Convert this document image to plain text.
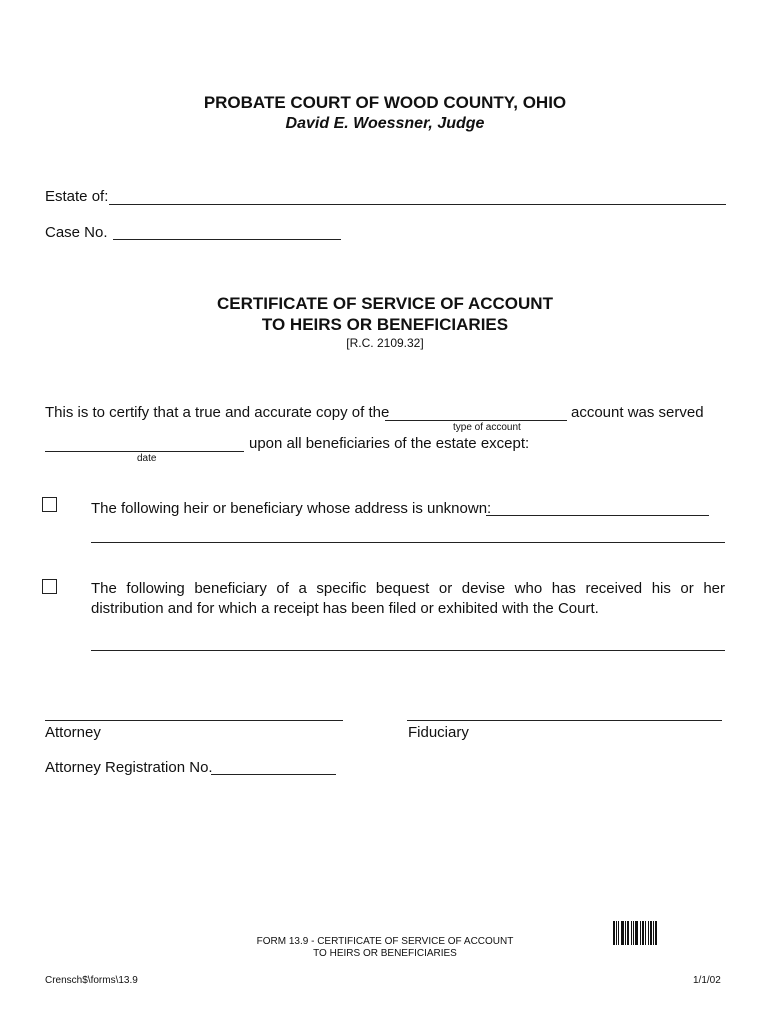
PROBATE COURT OF WOOD COUNTY, OHIO
David E. Woessner, Judge
Estate of:
Case No.
CERTIFICATE OF SERVICE OF ACCOUNT
TO HEIRS OR BENEFICIARIES
[R.C. 2109.32]
This is to certify that a true and accurate copy of the
type of account
account was served
date
upon all beneficiaries of the estate except:
The following heir or beneficiary whose address is unknown:
The following beneficiary of a specific bequest or devise who has received his or her distribution and for which a receipt has been filed or exhibited with the Court.
Attorney	Fiduciary
Attorney Registration No.
FORM 13.9 - CERTIFICATE OF SERVICE OF ACCOUNT
TO HEIRS OR BENEFICIARIES
Crensch$\forms\13.9	1/1/02
